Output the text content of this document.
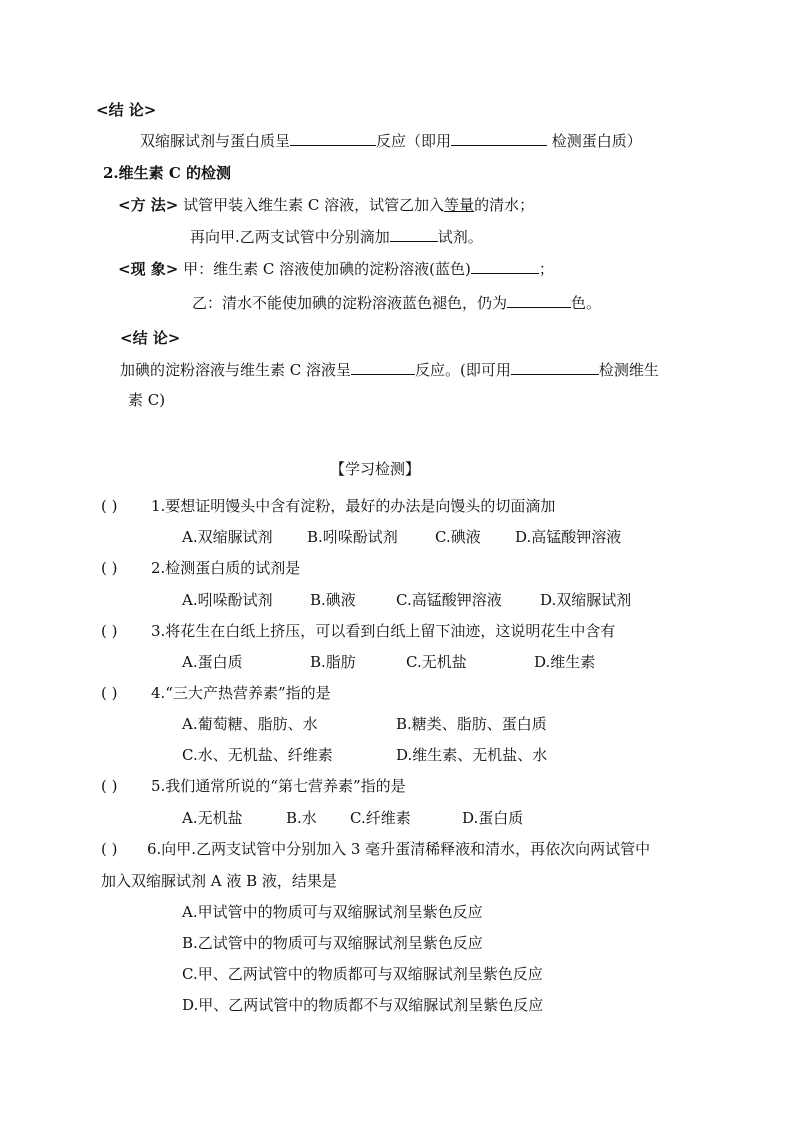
<结 论>
双缩脲试剂与蛋白质呈	反应（即用	检测蛋白质）
2.维生素 C 的检测
<方 法> 试管甲装入维生素 C 溶液，试管乙加入等量的清水；
再向甲.乙两支试管中分别滴加	试剂。
<现 象> 甲：维生素 C 溶液使加碘的淀粉溶液(蓝色)	；
乙：清水不能使加碘的淀粉溶液蓝色褪色，仍为	色。
<结 论>
加碘的淀粉溶液与维生素 C 溶液呈	反应。(即可用	检测维生
素 C)
【学习检测】
( ) 1.要想证明馒头中含有淀粉，最好的办法是向馒头的切面滴加
A.双缩脲试剂 B.吲哚酚试剂 C.碘液 D.高锰酸钾溶液
( ) 2.检测蛋白质的试剂是
A.吲哚酚试剂 B.碘液	C.高锰酸钾溶液	D.双缩脲试剂
( ) 3.将花生在白纸上挤压，可以看到白纸上留下油迹，这说明花生中含有
A.蛋白质	B.脂肪	C.无机盐	D.维生素
( ) 4.“三大产热营养素”指的是
A.葡萄糖、脂肪、水	B.糖类、脂肪、蛋白质
C.水、无机盐、纤维素	D.维生素、无机盐、水
( ) 5.我们通常所说的“第七营养素”指的是
A.无机盐	B.水 C.纤维素	D.蛋白质
( ) 6.向甲.乙两支试管中分别加入 3 毫升蛋清稀释液和清水，再依次向两试管中
加入双缩脲试剂 A 液 B 液，结果是
A.甲试管中的物质可与双缩脲试剂呈紫色反应
B.乙试管中的物质可与双缩脲试剂呈紫色反应
C.甲、乙两试管中的物质都可与双缩脲试剂呈紫色反应
D.甲、乙两试管中的物质都不与双缩脲试剂呈紫色反应
